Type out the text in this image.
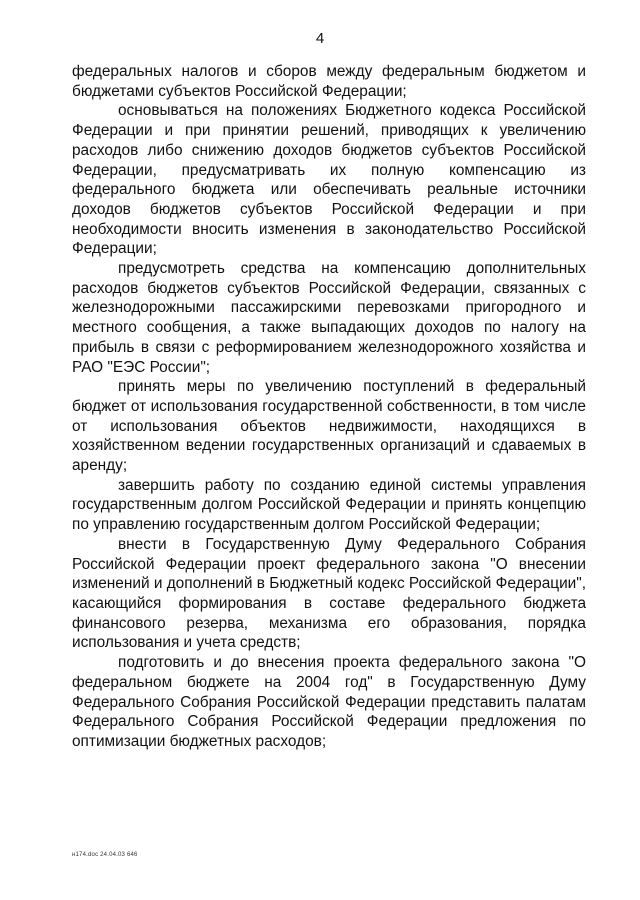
4

федеральных налогов и сборов между федеральным бюджетом и бюджетами субъектов Российской Федерации;

основываться на положениях Бюджетного кодекса Российской Федерации и при принятии решений, приводящих к увеличению расходов либо снижению доходов бюджетов субъектов Российской Федерации, предусматривать их полную компенсацию из федерального бюджета или обеспечивать реальные источники доходов бюджетов субъектов Российской Федерации и при необходимости вносить изменения в законодательство Российской Федерации;

предусмотреть средства на компенсацию дополнительных расходов бюджетов субъектов Российской Федерации, связанных с железнодорожными пассажирскими перевозками пригородного и местного сообщения, а также выпадающих доходов по налогу на прибыль в связи с реформированием железнодорожного хозяйства и РАО "ЕЭС России";

принять меры по увеличению поступлений в федеральный бюджет от использования государственной собственности, в том числе от использования объектов недвижимости, находящихся в хозяйственном ведении государственных организаций и сдаваемых в аренду;

завершить работу по созданию единой системы управления государственным долгом Российской Федерации и принять концепцию по управлению государственным долгом Российской Федерации;

внести в Государственную Думу Федерального Собрания Российской Федерации проект федерального закона "О внесении изменений и дополнений в Бюджетный кодекс Российской Федерации", касающийся формирования в составе федерального бюджета финансового резерва, механизма его образования, порядка использования и учета средств;

подготовить и до внесения проекта федерального закона "О федеральном бюджете на 2004 год" в Государственную Думу Федерального Собрания Российской Федерации представить палатам Федерального Собрания Российской Федерации предложения по оптимизации бюджетных расходов;

н174.doc 24.04.03 646
